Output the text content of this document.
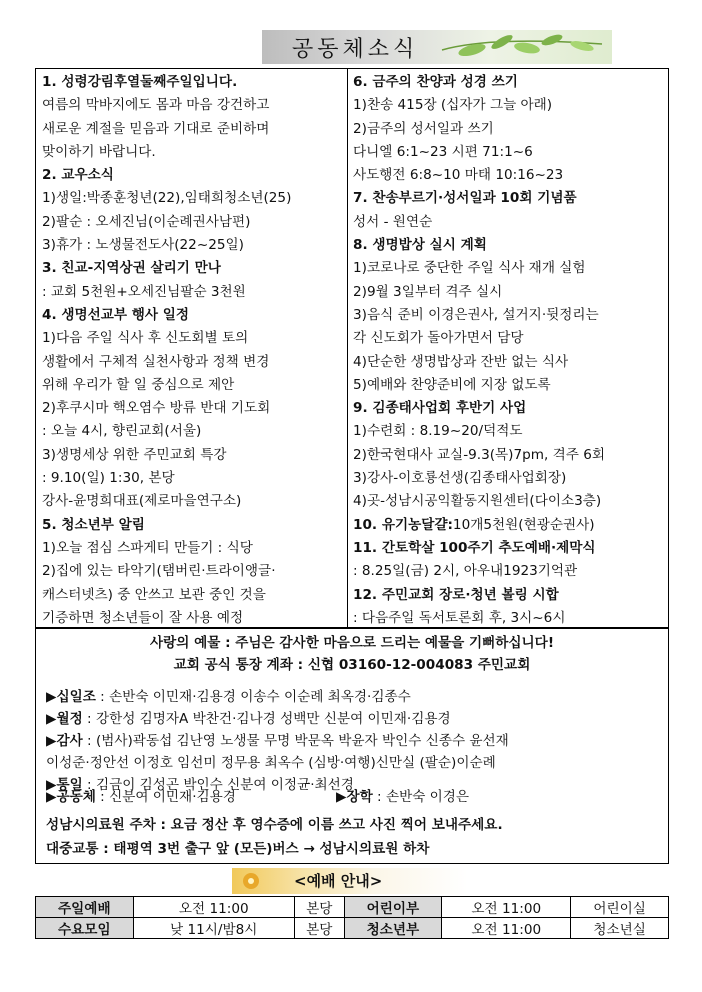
공동체소식
1. 성령강림후열둘째주일입니다.
여름의 막바지에도 몸과 마음 강건하고
새로운 계절을 믿음과 기대로 준비하며
맞이하기 바랍니다.
2. 교우소식
1)생일:박종훈청년(22),임태희청소년(25)
2)팔순 : 오세진님(이순례권사남편)
3)휴가 : 노생물전도사(22~25일)
3. 친교-지역상권 살리기 만나
: 교회 5천원+오세진님팔순 3천원
4. 생명선교부 행사 일정
1)다음 주일 식사 후 신도회별 토의
생활에서 구체적 실천사항과 정책 변경
위해 우리가 할 일 중심으로 제안
2)후쿠시마 핵오염수 방류 반대 기도회
: 오늘 4시, 향린교회(서울)
3)생명세상 위한 주민교회 특강
: 9.10(일) 1:30, 본당
강사-윤명희대표(제로마을연구소)
5. 청소년부 알림
1)오늘 점심 스파게티 만들기 : 식당
2)집에 있는 타악기(탬버린·트라이앵글·
캐스터넷츠) 중 안쓰고 보관 중인 것을
기증하면 청소년들이 잘 사용 예정
6. 금주의 찬양과 성경 쓰기
1)찬송 415장 (십자가 그늘 아래)
2)금주의 성서일과 쓰기
다니엘 6:1~23 시편 71:1~6
사도행전 6:8~10 마태 10:16~23
7. 찬송부르기·성서일과 10회 기념품
성서 - 원연순
8. 생명밥상 실시 계획
1)코로나로 중단한 주일 식사 재개 실험
2)9월 3일부터 격주 실시
3)음식 준비 이경은권사, 설거지·뒷정리는
각 신도회가 돌아가면서 담당
4)단순한 생명밥상과 잔반 없는 식사
5)예배와 찬양준비에 지장 없도록
9. 김종태사업회 후반기 사업
1)수련회 : 8.19~20/덕적도
2)한국현대사 교실-9.3(목)7pm, 격주 6회
3)강사-이호룡선생(김종태사업회장)
4)곳-성남시공익활동지원센터(다이소3층)
10. 유기농달걀:10개5천원(현광순권사)
11. 간토학살 100주기 추도예배·제막식
: 8.25일(금) 2시, 아우내1923기억관
12. 주민교회 장로·청년 볼링 시합
: 다음주일 독서토론회 후, 3시~6시
사랑의 예물 : 주님은 감사한 마음으로 드리는 예물을 기뻐하십니다!
교회 공식 통장 계좌 : 신협 03160-12-004083 주민교회
▶십일조 : 손반숙 이민재·김용경 이송수 이순례 최옥경·김종수
▶월정 : 강한성 김명자A 박찬건·김나경 성백만 신분여 이민재·김용경
▶감사 : (범사)곽동섭 김난영 노생물 무명 박문옥 박윤자 박인수 신종수 윤선재
이성준·정안선 이정호 임선미 정무용 최옥수 (심방·여행)신만실 (팔순)이순례
▶통일 : 김금이 김성곤 박인수 신분여 이정균·최선경
▶공동체 : 신분여 이민재·김용경	▶장학 : 손반숙 이경은
성남시의료원 주차 : 요금 정산 후 영수증에 이름 쓰고 사진 찍어 보내주세요.
대중교통 : 태평역 3번 출구 앞 (모든)버스 → 성남시의료원 하차
<예배 안내>
주일예배	오전 11:00	본당	어린이부	오전 11:00	어린이실
수요모임	낮 11시/밤8시	본당	청소년부	오전 11:00	청소년실
